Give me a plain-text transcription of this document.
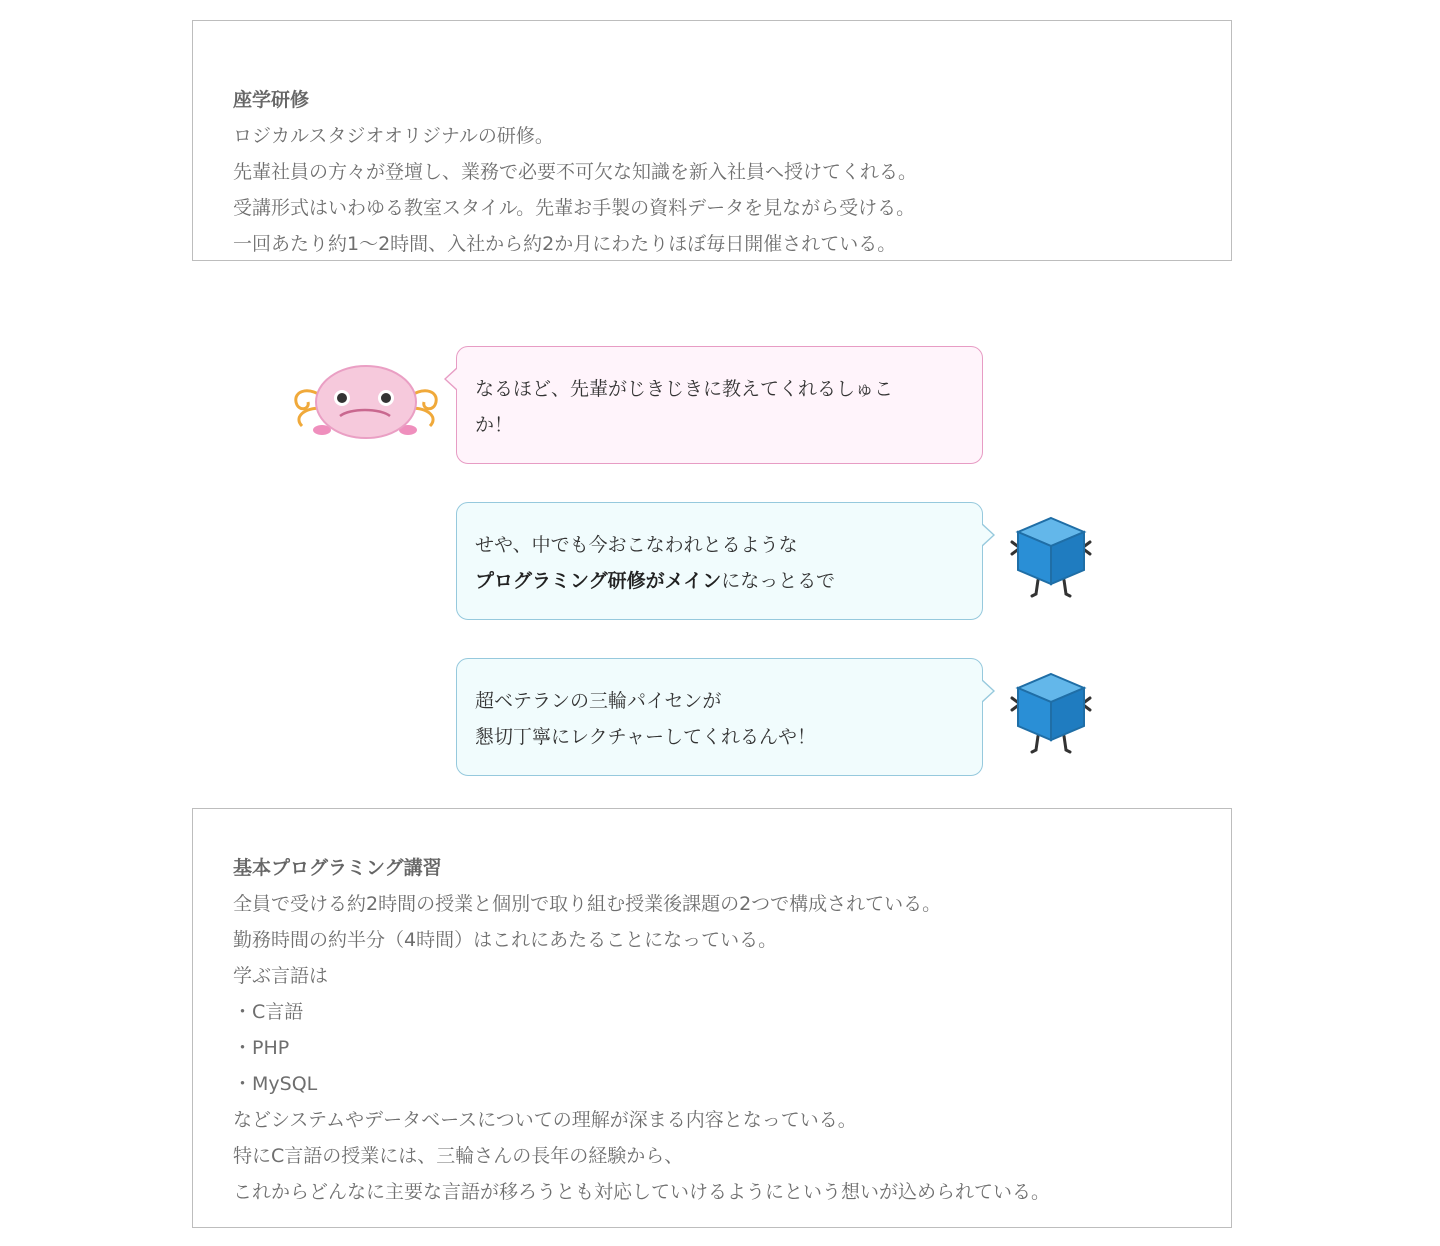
座学研修
ロジカルスタジオオリジナルの研修。
先輩社員の方々が登壇し、業務で必要不可欠な知識を新入社員へ授けてくれる。
受講形式はいわゆる教室スタイル。先輩お手製の資料データを見ながら受ける。
一回あたり約1〜2時間、入社から約2か月にわたりほぼ毎日開催されている。
なるほど、先輩がじきじきに教えてくれるしゅこ
か！
せや、中でも今おこなわれとるような
プログラミング研修がメインになっとるで
超ベテランの三輪パイセンが
懇切丁寧にレクチャーしてくれるんや！
基本プログラミング講習
全員で受ける約2時間の授業と個別で取り組む授業後課題の2つで構成されている。
勤務時間の約半分（4時間）はこれにあたることになっている。
学ぶ言語は
・C言語
・PHP
・MySQL
などシステムやデータベースについての理解が深まる内容となっている。
特にC言語の授業には、三輪さんの長年の経験から、
これからどんなに主要な言語が移ろうとも対応していけるようにという想いが込められている。
